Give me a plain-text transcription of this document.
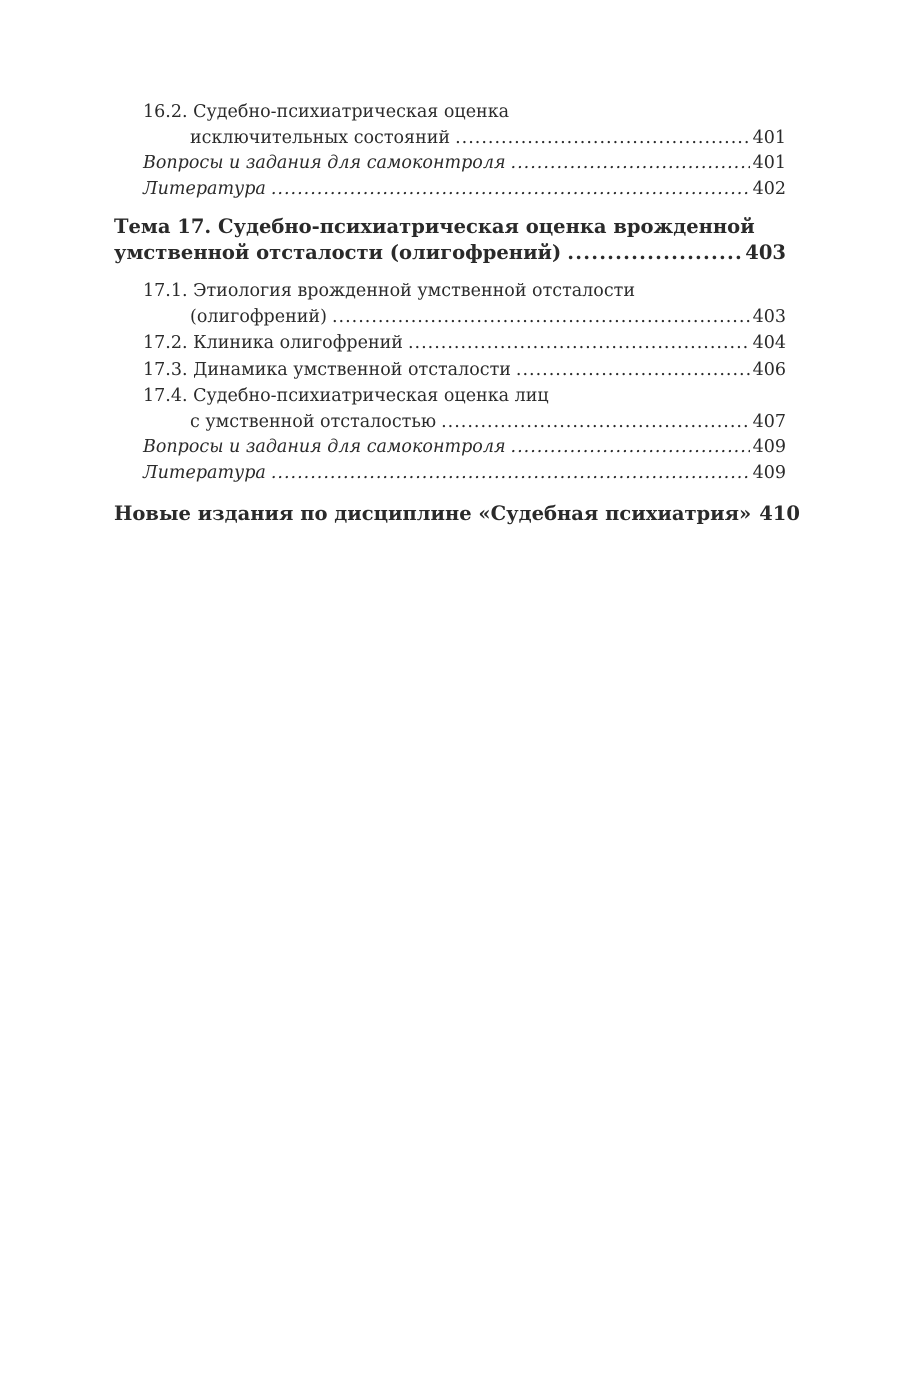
16.2. Судебно-психиатрическая оценка
исключительных состояний .....	401
Вопросы и задания для самоконтроля .....	401
Литература .....	402
Тема 17. Судебно-психиатрическая оценка врожденной
умственной отсталости (олигофрений) .....	403
17.1. Этиология врожденной умственной отсталости
(олигофрений) .....	403
17.2. Клиника олигофрений .....	404
17.3. Динамика умственной отсталости .....	406
17.4. Судебно-психиатрическая оценка лиц
с умственной отсталостью .....	407
Вопросы и задания для самоконтроля .....	409
Литература .....	409
Новые издания по дисциплине «Судебная психиатрия» 410
